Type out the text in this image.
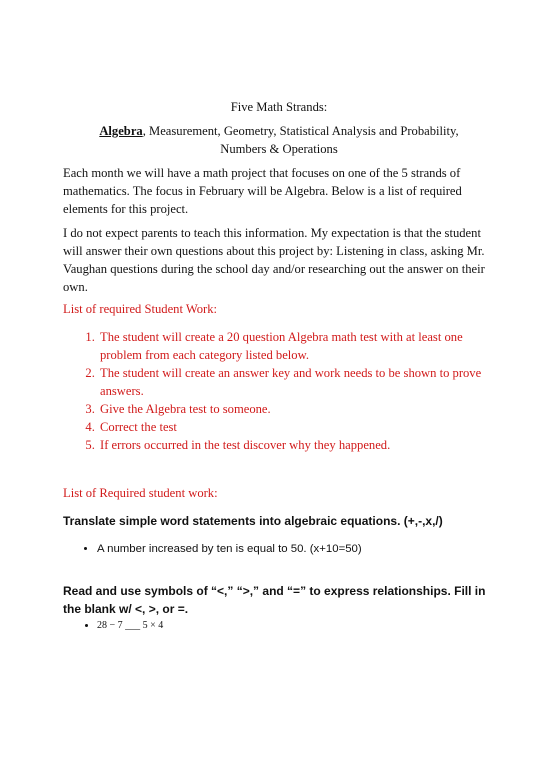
Five Math Strands:
Algebra, Measurement, Geometry, Statistical Analysis and Probability,
Numbers & Operations
Each month we will have a math project that focuses on one of the 5 strands of mathematics. The focus in February will be Algebra. Below is a list of required elements for this project.
I do not expect parents to teach this information. My expectation is that the student will answer their own questions about this project by: Listening in class, asking Mr. Vaughan questions during the school day and/or researching out the answer on their own.
List of required Student Work:
1. The student will create a 20 question Algebra math test with at least one problem from each category listed below.
2. The student will create an answer key and work needs to be shown to prove answers.
3. Give the Algebra test to someone.
4. Correct the test
5. If errors occurred in the test discover why they happened.
List of Required student work:
Translate simple word statements into algebraic equations. (+,-,x,/)
• A number increased by ten is equal to 50. (x+10=50)
Read and use symbols of “<,” “>,” and “=” to express relationships. Fill in the blank w/ <, >, or =.
• 28 − 7 ___ 5 × 4
